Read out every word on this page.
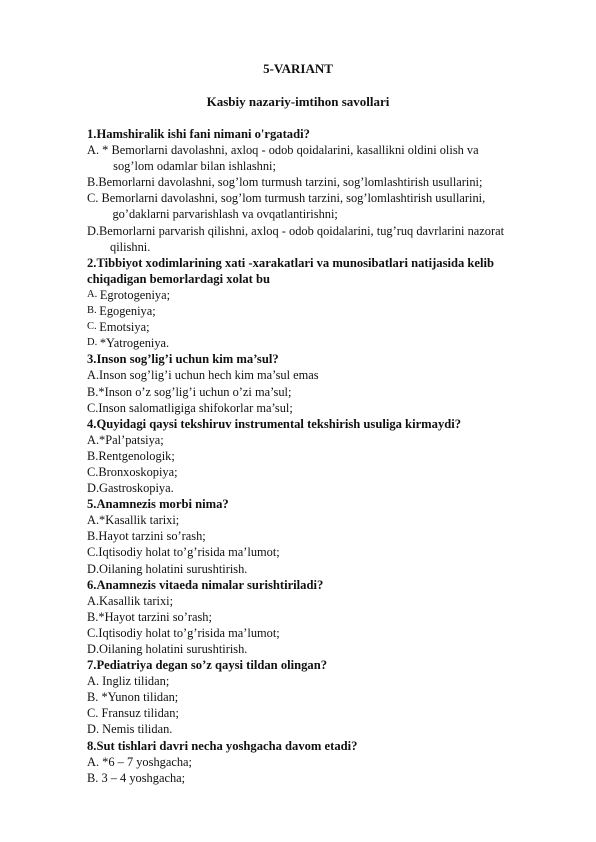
5-VARIANT
Kasbiy nazariy-imtihon savollari
1.Hamshiralik ishi fani nimani o'rgatadi?
A. * Bemorlarni davolashni, axloq - odob qoidalarini, kasallikni oldini olish va
sog’lom odamlar bilan ishlashni;
B. Bemorlarni davolashni, sog’lom turmush tarzini, sog’lomlashtirish usullarini;
C. Bemorlarni davolashni, sog’lom turmush tarzini, sog’lomlashtirish usullarini,
go’daklarni parvarishlash va ovqatlantirishni;
D. Bemorlarni parvarish qilishni, axloq - odob qoidalarini, tug’ruq davrlarini nazorat
qilishni.
2.Tibbiyot xodimlarining xati -xarakatlari va munosibatlari natijasida kelib chiqadigan bemorlardagi xolat bu
A. Egrotogeniya;
B. Egogeniya;
C. Emotsiya;
D. *Yatrogeniya.
3.Inson sog’lig’i uchun kim ma’sul?
A. Inson sog’lig’i uchun hech kim ma’sul emas
B. *Inson o’z sog’lig’i uchun o’zi ma’sul;
C. Inson salomatligiga shifokorlar ma’sul;
4.Quyidagi qaysi tekshiruv instrumental tekshirish usuliga kirmaydi?
A. *Pal’patsiya;
B. Rentgenologik;
C. Bronxoskopiya;
D. Gastroskopiya.
5.Anamnezis morbi nima?
A. *Kasallik tarixi;
B. Hayot tarzini so’rash;
C. Iqtisodiy holat to’g’risida ma’lumot;
D. Oilaning holatini surushtirish.
6.Anamnezis vitaeda nimalar surishtiriladi?
A. Kasallik tarixi;
B. *Hayot tarzini so’rash;
C. Iqtisodiy holat to’g’risida ma’lumot;
D. Oilaning holatini surushtirish.
7.Pediatriya degan so’z qaysi tildan olingan?
A. Ingliz tilidan;
B. *Yunon tilidan;
C. Fransuz tilidan;
D. Nemis tilidan.
8.Sut tishlari davri necha yoshgacha davom etadi?
A. *6 – 7 yoshgacha;
B. 3 – 4 yoshgacha;
